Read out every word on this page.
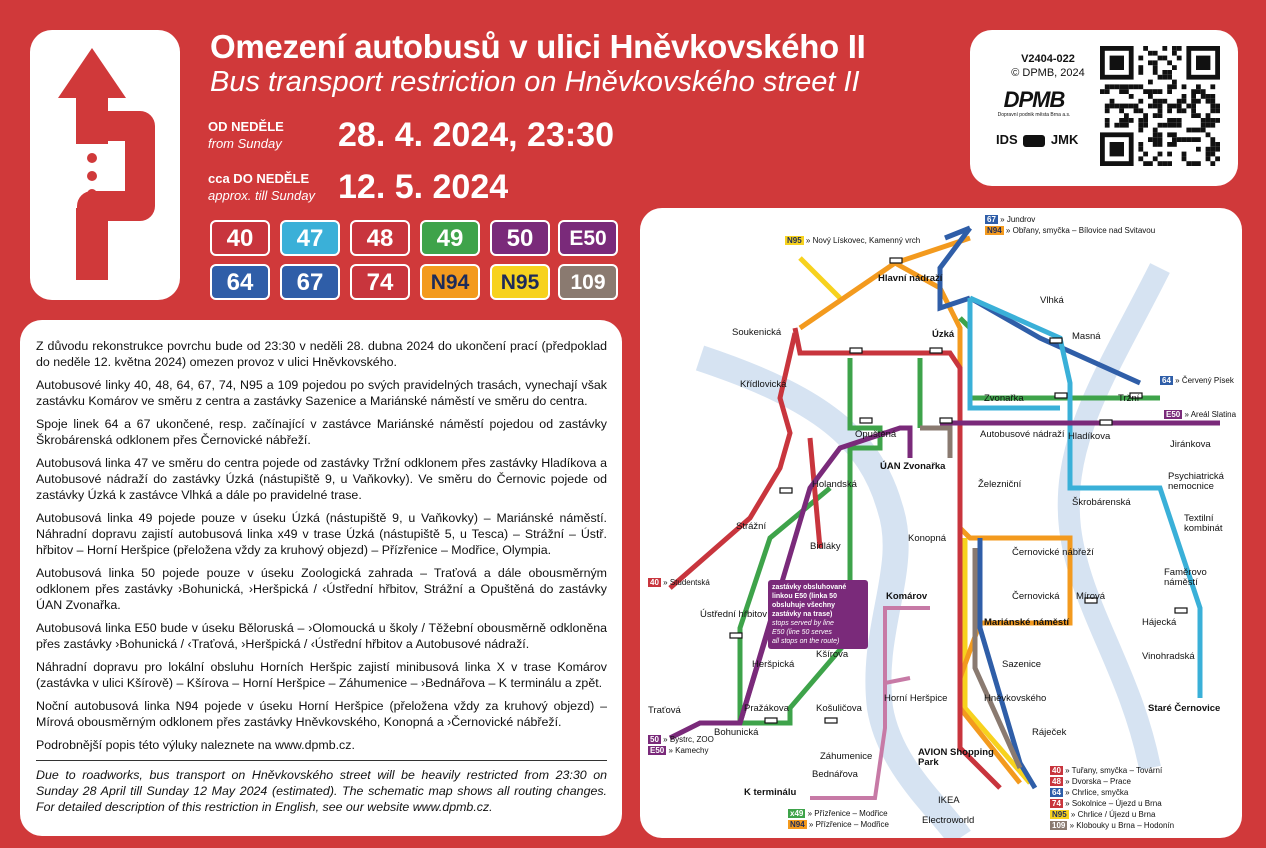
Omezení autobusů v ulici Hněvkovského II
Bus transport restriction on Hněvkovského street II
OD NEDĚLE
from Sunday 28. 4. 2024, 23:30
cca DO NEDĚLE
approx. till Sunday 12. 5. 2024
40	47	48	49	50	E50
64	67	74	N94	N95	109
V2404-022
© DPMB, 2024
DPMB
Dopravní podnik města Brna a.s.
IDS	JMK

Z důvodu rekonstrukce povrchu bude od 23:30 v neděli 28. dubna 2024 do ukončení prací (předpoklad do neděle 12. května 2024) omezen provoz v ulici Hněvkovského.

Autobusové linky 40, 48, 64, 67, 74, N95 a 109 pojedou po svých pravidelných trasách, vynechají však zastávku Komárov ve směru z centra a zastávky Sazenice a Mariánské náměstí ve směru do centra.

Spoje linek 64 a 67 ukončené, resp. začínající v zastávce Mariánské náměstí pojedou od zastávky Škrobárenská odklonem přes Černovické nábřeží.

Autobusová linka 47 ve směru do centra pojede od zastávky Tržní odklonem přes zastávky Hladíkova a Autobusové nádraží do zastávky Úzká (nástupiště 9, u Vaňkovky). Ve směru do Černovic pojede od zastávky Úzká k zastávce Vlhká a dále po pravidelné trase.

Autobusová linka 49 pojede pouze v úseku Úzká (nástupiště 9, u Vaňkovky) – Mariánské náměstí. Náhradní dopravu zajistí autobusová linka x49 v trase Úzká (nástupiště 5, u Tesca) – Strážní – Ústř. hřbitov – Horní Heršpice (přeložena vždy za kruhový objezd) – Přízřenice – Modřice, Olympia.

Autobusová linka 50 pojede pouze v úseku Zoologická zahrada – Traťová a dále obousměrným odklonem přes zastávky ›Bohunická, ›Heršpická / ‹Ústřední hřbitov, Strážní a Opuštěná do zastávky ÚAN Zvonařka.

Autobusová linka E50 bude v úseku Běloruská – ›Olomoucká u školy / Těžební obousměrně odkloněna přes zastávky ›Bohunická / ‹Traťová, ›Heršpická / ‹Ústřední hřbitov a Autobusové nádraží.

Náhradní dopravu pro lokální obsluhu Horních Heršpic zajistí minibusová linka X v trase Komárov (zastávka v ulici Kšírově) – Kšírova – Horní Heršpice – Záhumenice – ›Bednářova – K terminálu a zpět.

Noční autobusová linka N94 pojede v úseku Horní Heršpice (přeložena vždy za kruhový objezd) – Mírová obousměrným odklonem přes zastávky Hněvkovského, Konopná a ›Černovické nábřeží.

Podrobnější popis této výluky naleznete na www.dpmb.cz.

Due to roadworks, bus transport on Hněvkovského street will be heavily restricted from 23:30 on Sunday 28 April till Sunday 12 May 2024 (estimated). The schematic map shows all routing changes. For detailed description of this restriction in English, see our website www.dpmb.cz.

67 » Jundrov
N94 » Obřany, smyčka – Bílovice nad Svitavou
N95 » Nový Lískovec, Kamenný vrch
64 » Červený Písek
E50 » Areál Slatina
40 » Studentská
50 » Bystrc, ZOO
E50 » Kamechy
x49 » Přízřenice – Modřice
N94 » Přízřenice – Modřice
40 » Tuřany, smyčka – Tovární
48 » Dvorska – Prace
64 » Chrlice, smyčka
74 » Sokolnice – Újezd u Brna
N95 » Chrlice / Újezd u Brna
109 » Klobouky u Brna – Hodonín
zastávky obsluhované
linkou E50 (linka 50
obsluhuje všechny
zastávky na trase)
stops served by line
E50 (line 50 serves
all stops on the route)
Hlavní nádraží
Soukenická
Křídlovická
Úzká
Vlhká
Masná
Zvonařka	Tržní
Opuštěná	Autobusové nádraží Hladíkova
Jiránkova
ÚAN Zvonařka
Psychiatrická nemocnice
Železniční
Holandská
Škrobárenská
Strážní
Textilní kombinát
Konopná
Bidláky
Černovické nábřeží
Faměrovo náměstí
Komárov	Černovická Mírová
Mariánské náměstí	Hájecká
Ústřední hřbitov
Heršpická
Kšírova
Sazenice
Vinohradská
Hněvkovského
Horní Heršpice
Staré Černovice
Traťová	Pražákova	Košuličova
Ráječek
Bohunická
Záhumenice	AVION Shopping Park
Bednářova
K terminálu
IKEA
Electroworld
